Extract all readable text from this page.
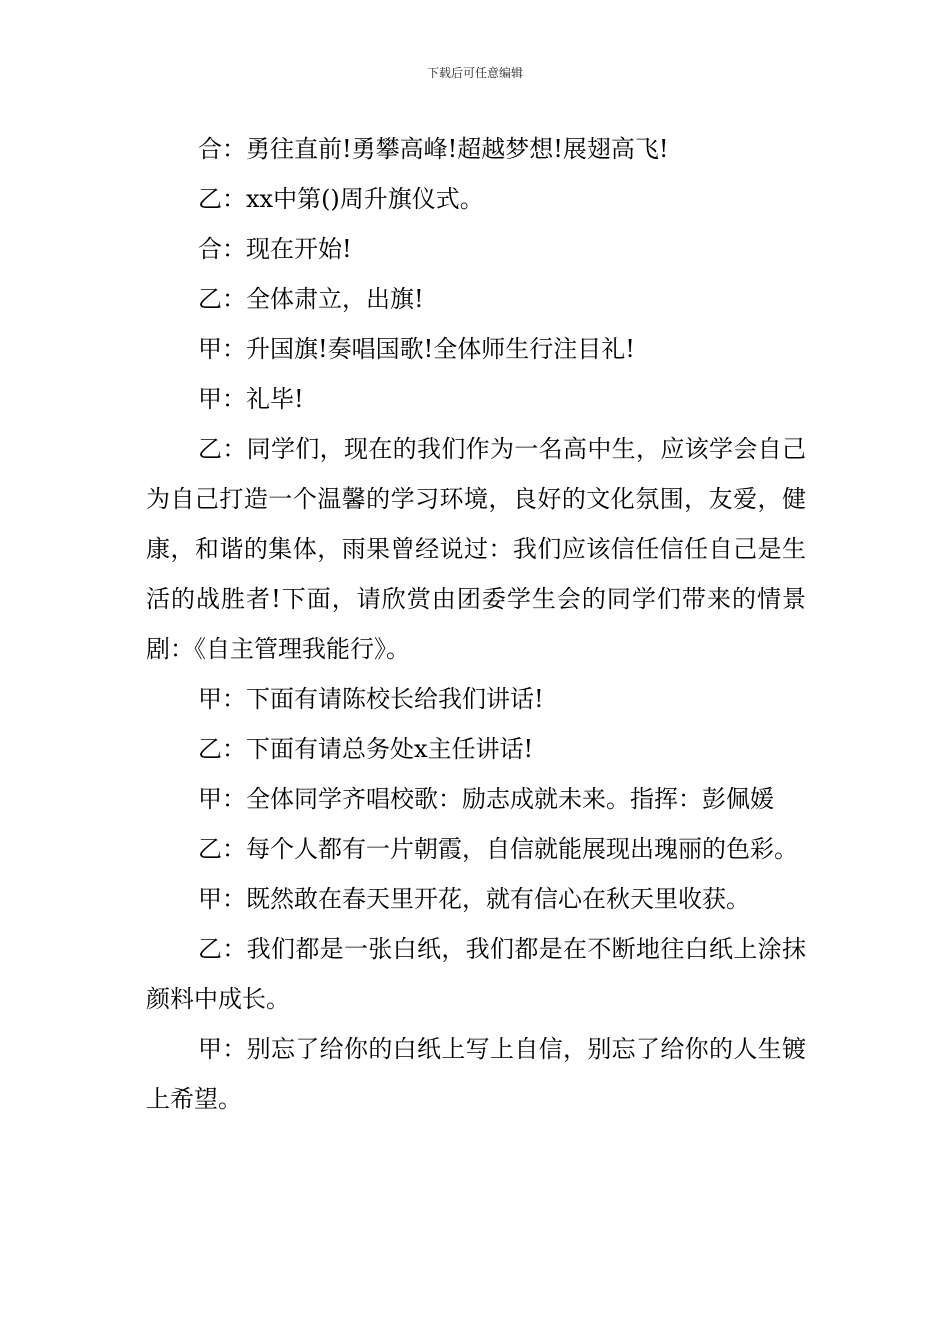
下载后可任意编辑

合：勇往直前!勇攀高峰!超越梦想!展翅高飞!

乙：xx中第()周升旗仪式。

合：现在开始!

乙：全体肃立，出旗!

甲：升国旗!奏唱国歌!全体师生行注目礼!

甲：礼毕!

乙：同学们，现在的我们作为一名高中生，应该学会自己为自己打造一个温馨的学习环境，良好的文化氛围，友爱，健康，和谐的集体，雨果曾经说过：我们应该信任信任自己是生活的战胜者!下面，请欣赏由团委学生会的同学们带来的情景剧：《自主管理我能行》。

甲：下面有请陈校长给我们讲话!

乙：下面有请总务处x主任讲话!

甲：全体同学齐唱校歌：励志成就未来。指挥：彭佩媛

乙：每个人都有一片朝霞，自信就能展现出瑰丽的色彩。

甲：既然敢在春天里开花，就有信心在秋天里收获。

乙：我们都是一张白纸，我们都是在不断地往白纸上涂抹颜料中成长。

甲：别忘了给你的白纸上写上自信，别忘了给你的人生镀上希望。
